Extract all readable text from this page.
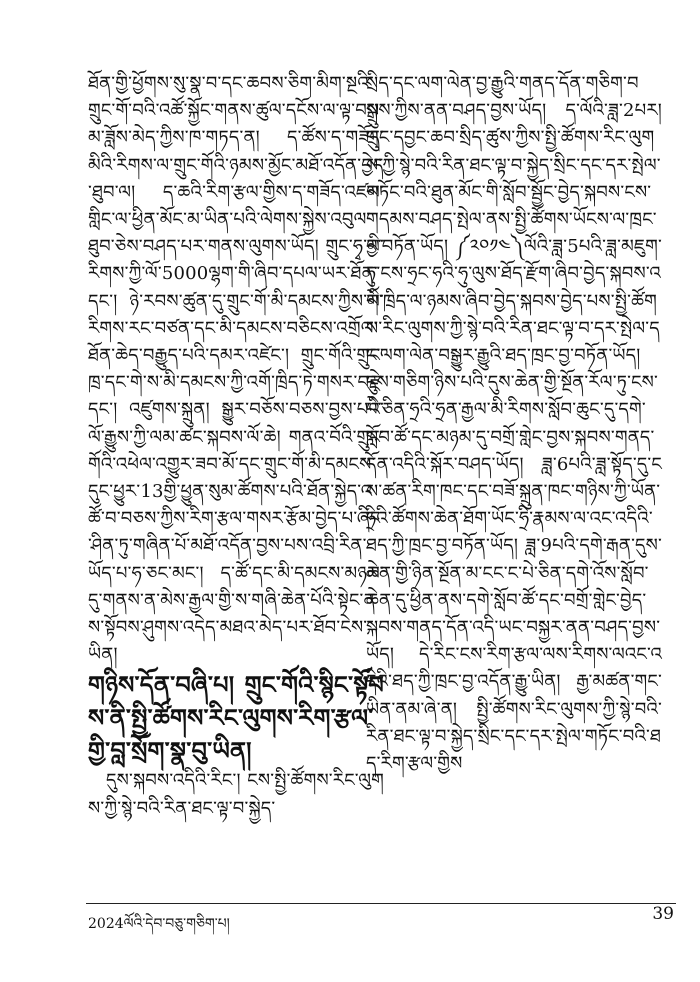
ཐོན་གྱི་ཕྱོགས་སུ་སྣ་བ་དང་ཆབས་ཅིག་མིག་སྔའི་གྲུང་གོ་བའི་འཚོ་སྐྱོང་གནས་ཚུལ་དངོས་ལ་ལྟ་བསམ་ཟློས་མེད་ཀྱིས་ཁ་གཏད་ན། ད་ཚོས་ད་གཟོད་མིའི་རིགས་ལ་གྲུང་གོའི་ཉམས་མྱོང་མཐོ་འདོན་བྱེད་ཐུབ་ལ། ད་ཆའི་རིག་རྩལ་གྱིས་ད་གཟོད་འཛམ་གླིང་ལ་ཕྱིན་མོང་མ་ཡིན་པའི་ལེགས་སྐྱེས་འབུལ་ཐུབ་ཅེས་བཤད་པར་གནས་ལུགས་ཡོད། གྲུང་ཧྭ་མི་རིགས་ཀྱི་ལོ་5000ལྷག་གི་ཞིབ་དཔལ་ཡར་ཐོན་དང་། ཉེ་རབས་ཚུན་དུ་གྲུང་གོ་མི་དམངས་ཀྱིས་མི་རིགས་རང་བཙན་དང་མི་དམངས་བཅིངས་འགྲོལ་ཐོན་ཆེད་བརྒྱུད་པའི་དམར་འཛེང་། གྲུང་གོའི་གྲུང་ཁྲ་དང་གེ་ས་མི་དམངས་ཀྱི་འགོ་ཁྲིད་ཏེ་གསར་བརྗེ་དང་། འཛུགས་སྐྲུན། སྒྱུར་བཅོས་བཅས་བྱས་པའི་ལོ་རྒྱུས་ཀྱི་ལམ་ཚང་སྐབས་ལོ་ཆེ། གནའ་བོའི་གྲུང་གོའི་འཕེལ་འགྱུར་ཟབ་མོ་དང་གྲུང་གོ་མི་དམངས་དུང་ཕྱུར་13གྱི་ཕྱུན་སུམ་ཚོགས་པའི་ཐོན་སྐྱེད་འཚོ་བ་བཅས་ཀྱིས་རིག་རྩལ་གསར་རྩོམ་བྱེད་པ་ཞིང་ཤིན་ཏུ་གཞིན་པོ་མཐོ་འདོན་བྱས་པས་འབྲི་རིན་ཡོད་པ་ཧ་ཅང་མང་། ད་ཚོ་དང་མི་དམངས་མཉམ་དུ་གནས་ན་མེས་རྒྱལ་གྱི་ས་གཞི་ཆེན་པོའི་སྟེང་ནས་སྟོབས་ཤུགས་འདེད་མཐའ་མེད་པར་ཐོབ་ངེས་ཡིན།

གཉིས་དོན་བཞི་པ། གྲུང་གོའི་སྙིང་སྟོབས་ནི་སྤྱི་ཚོགས་རིང་ལུགས་རིག་རྩལ་གྱི་བླ་སྲོག་སྣ་བུ་ཡིན།

དུས་སྐབས་འདིའི་རིང་། ངས་སྤྱི་ཚོགས་རིང་ལུགས་ཀྱི་སྙེ་བའི་རིན་ཐང་ལྟ་བ་སྐྱེད་

སྲིད་དང་ལག་ལེན་བྱ་རྒྱུའི་གནད་དོན་གཅིག་བསྒྲུས་ཀྱིས་ནན་བཤད་བྱས་ཡོད། ད་ལོའི་ཟླ་2པར། གྲུང་དབྱང་ཆབ་སྲིད་ཚུས་ཀྱིས་སྤྱི་ཚོགས་རིང་ལུགས་ཀྱི་སྙེ་བའི་རིན་ཐང་ལྟ་བ་སྐྱེད་སྲིང་དང་དར་སྤེལ་གཏོང་བའི་ཐུན་མོང་གི་སློབ་སྦྱོང་བྱེད་སྐབས་ངས་གདམས་བཤད་སྤེལ་ནས་སྤྱི་ཚོགས་ཡོངས་ལ་ཁྲང་བྱ་བཏོན་ཡོད། ༼༢༠༡༤༽ལོའི་ཟླ་5པའི་ཟླ་མཇུག་ཏུ་ངས་ཧྲང་ཧའི་ཧུ་ལུས་ཐོད་རྫོག་ཞིབ་བྱེད་སྐབས་འགོ་ཁྲིད་ལ་ཉམས་ཞིབ་བྱེད་སྐབས་བྱེད་པས་སྤྱི་ཚོགས་རིང་ལུགས་ཀྱི་སྙེ་བའི་རིན་ཐང་ལྟ་བ་དར་སྤེལ་དང་ལག་ལེན་བསྒྱུར་རྒྱུའི་ཐད་ཁྲང་བྱ་བཏོན་ཡོད། དུས་གཅིག་ཉིས་པའི་དུས་ཆེན་གྱི་སྔོན་རོལ་ཏུ་ངས་པེ་ཅིན་ཧྲའི་ཧྲན་རྒྱལ་མི་རིགས་སློབ་ཆུང་དུ་དགེ་སློབ་ཚོ་དང་མཉམ་དུ་བགྲོ་གླེང་བྱས་སྐབས་གནད་དོན་འདིའི་སྐོར་བཤད་ཡོད། ཟླ་6པའི་ཟླ་སྟོད་དུ་ངས་ཚན་རིག་ཁང་དང་བཟོ་སྐྲུན་ཁང་གཉིས་ཀྱི་ཡོན་ཧྲིའི་ཚོགས་ཆེན་ཐོག་ཡོང་ཧྲི་རྣམས་ལ་འང་འདིའི་ཐད་ཀྱི་ཁྲང་བྱ་བཏོན་ཡོད། ཟླ་9པའི་དགེ་རྒན་དུས་ཆེན་གྱི་ཉིན་སྔོན་མ་ངང་ང་པེ་ཅིན་དགེ་འོས་སློབ་ཆེན་དུ་ཕྱིན་ནས་དགེ་སློབ་ཚོ་དང་བགྲོ་གླེང་བྱེད་སྐབས་གནད་དོན་འདི་ཡང་བསྐྱར་ནན་བཤད་བྱས་ཡོད། དེ་རིང་ངས་རིག་རྩལ་ལས་རིགས་ལའང་འདིའི་ཐད་ཀྱི་ཁྲང་བྱ་འདོན་རྒྱུ་ཡིན། རྒྱ་མཚན་གང་ཡིན་ནམ་ཞེ་ན། སྤྱི་ཚོགས་རིང་ལུགས་ཀྱི་སྙེ་བའི་རིན་ཐང་ལྟ་བ་སྐྱེད་སྲིང་དང་དར་སྤེལ་གཏོང་བའི་ཐད་རིག་རྩལ་གྱིས

2024ལོའི་དེབ་བཅུ་གཅིག་པ།	39
